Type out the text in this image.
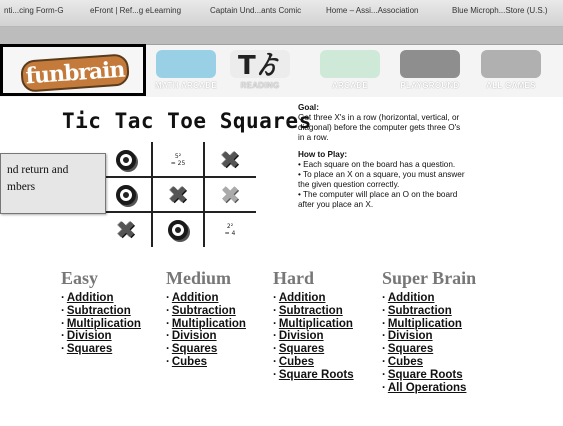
nti...cing Form-G	eFront | Ref...g eLearning	Captain Und...ants Comic	Home – Assi...Association	Blue Microph...Store (U.S.)
funbrain	MATH ARCADE
Tゟ
READING	ARCADE	PLAYGROUND	ALL GAMES
Tic Tac Toe Squares
5²
= 25 ✖
✖ ✖
✖	2²
= 4
nd return and
mbers
Goal:

Get three X's in a row (horizontal, vertical, or
diagonal) before the computer gets three O's
in a row.

How to Play:

• Each square on the board has a question.
• To place an X on a square, you must answer
the given question correctly.
• The computer will place an O on the board
after you place an X.

Easy
· Addition
· Subtraction
· Multiplication
· Division
· Squares
Medium
· Addition
· Subtraction
· Multiplication
· Division
· Squares
· Cubes
Hard
· Addition
· Subtraction
· Multiplication
· Division
· Squares
· Cubes
· Square Roots
Super Brain
· Addition
· Subtraction
· Multiplication
· Division
· Squares
· Cubes
· Square Roots
· All Operations
